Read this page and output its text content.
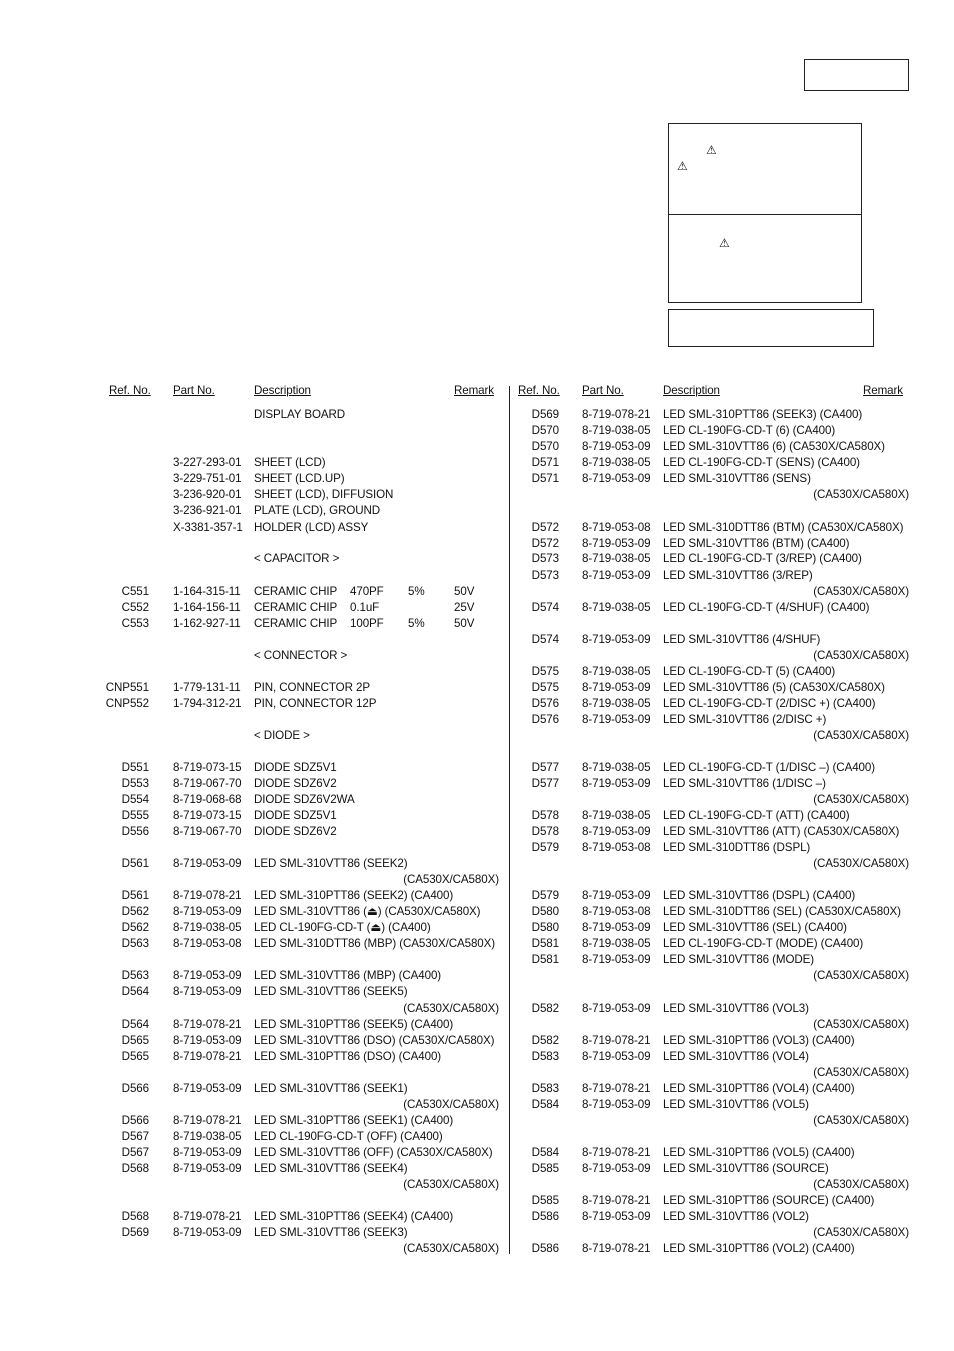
⚠
⚠
⚠
Ref. No. Part No.	Description	Remark Ref. No. Part No.	Description	Remark
DISPLAY BOARD
3-227-293-01 SHEET (LCD)
3-229-751-01 SHEET (LCD.UP)
3-236-920-01 SHEET (LCD), DIFFUSION
3-236-921-01 PLATE (LCD), GROUND
X-3381-357-1 HOLDER (LCD) ASSY
< CAPACITOR >
C551 1-164-315-11 CERAMIC CHIP 470PF 5%	50V
C552 1-164-156-11 CERAMIC CHIP 0.1uF	25V
C553 1-162-927-11 CERAMIC CHIP 100PF 5%	50V
< CONNECTOR >
CNP551 1-779-131-11 PIN, CONNECTOR 2P
CNP552 1-794-312-21 PIN, CONNECTOR 12P
< DIODE >
D551 8-719-073-15 DIODE SDZ5V1
D553 8-719-067-70 DIODE SDZ6V2
D554 8-719-068-68 DIODE SDZ6V2WA
D555 8-719-073-15 DIODE SDZ5V1
D556 8-719-067-70 DIODE SDZ6V2
D561 8-719-053-09 LED SML-310VTT86 (SEEK2)
(CA530X/CA580X)
D561 8-719-078-21 LED SML-310PTT86 (SEEK2) (CA400)
D562 8-719-053-09 LED SML-310VTT86 (⏏) (CA530X/CA580X)
D562 8-719-038-05 LED CL-190FG-CD-T (⏏) (CA400)
D563 8-719-053-08 LED SML-310DTT86 (MBP) (CA530X/CA580X)
D563 8-719-053-09 LED SML-310VTT86 (MBP) (CA400)
D564 8-719-053-09 LED SML-310VTT86 (SEEK5)
(CA530X/CA580X)
D564 8-719-078-21 LED SML-310PTT86 (SEEK5) (CA400)
D565 8-719-053-09 LED SML-310VTT86 (DSO) (CA530X/CA580X)
D565 8-719-078-21 LED SML-310PTT86 (DSO) (CA400)
D566 8-719-053-09 LED SML-310VTT86 (SEEK1)
(CA530X/CA580X)
D566 8-719-078-21 LED SML-310PTT86 (SEEK1) (CA400)
D567 8-719-038-05 LED CL-190FG-CD-T (OFF) (CA400)
D567 8-719-053-09 LED SML-310VTT86 (OFF) (CA530X/CA580X)
D568 8-719-053-09 LED SML-310VTT86 (SEEK4)
(CA530X/CA580X)
D568 8-719-078-21 LED SML-310PTT86 (SEEK4) (CA400)
D569 8-719-053-09 LED SML-310VTT86 (SEEK3)
(CA530X/CA580X)
D569 8-719-078-21 LED SML-310PTT86 (SEEK3) (CA400)
D570 8-719-038-05 LED CL-190FG-CD-T (6) (CA400)
D570 8-719-053-09 LED SML-310VTT86 (6) (CA530X/CA580X)
D571 8-719-038-05 LED CL-190FG-CD-T (SENS) (CA400)
D571 8-719-053-09 LED SML-310VTT86 (SENS)
(CA530X/CA580X)
D572 8-719-053-08 LED SML-310DTT86 (BTM) (CA530X/CA580X)
D572 8-719-053-09 LED SML-310VTT86 (BTM) (CA400)
D573 8-719-038-05 LED CL-190FG-CD-T (3/REP) (CA400)
D573 8-719-053-09 LED SML-310VTT86 (3/REP)
(CA530X/CA580X)
D574 8-719-038-05 LED CL-190FG-CD-T (4/SHUF) (CA400)
D574 8-719-053-09 LED SML-310VTT86 (4/SHUF)
(CA530X/CA580X)
D575 8-719-038-05 LED CL-190FG-CD-T (5) (CA400)
D575 8-719-053-09 LED SML-310VTT86 (5) (CA530X/CA580X)
D576 8-719-038-05 LED CL-190FG-CD-T (2/DISC +) (CA400)
D576 8-719-053-09 LED SML-310VTT86 (2/DISC +)
(CA530X/CA580X)
D577 8-719-038-05 LED CL-190FG-CD-T (1/DISC –) (CA400)
D577 8-719-053-09 LED SML-310VTT86 (1/DISC –)
(CA530X/CA580X)
D578 8-719-038-05 LED CL-190FG-CD-T (ATT) (CA400)
D578 8-719-053-09 LED SML-310VTT86 (ATT) (CA530X/CA580X)
D579 8-719-053-08 LED SML-310DTT86 (DSPL)
(CA530X/CA580X)
D579 8-719-053-09 LED SML-310VTT86 (DSPL) (CA400)
D580 8-719-053-08 LED SML-310DTT86 (SEL) (CA530X/CA580X)
D580 8-719-053-09 LED SML-310VTT86 (SEL) (CA400)
D581 8-719-038-05 LED CL-190FG-CD-T (MODE) (CA400)
D581 8-719-053-09 LED SML-310VTT86 (MODE)
(CA530X/CA580X)
D582 8-719-053-09 LED SML-310VTT86 (VOL3)
(CA530X/CA580X)
D582 8-719-078-21 LED SML-310PTT86 (VOL3) (CA400)
D583 8-719-053-09 LED SML-310VTT86 (VOL4)
(CA530X/CA580X)
D583 8-719-078-21 LED SML-310PTT86 (VOL4) (CA400)
D584 8-719-053-09 LED SML-310VTT86 (VOL5)
(CA530X/CA580X)
D584 8-719-078-21 LED SML-310PTT86 (VOL5) (CA400)
D585 8-719-053-09 LED SML-310VTT86 (SOURCE)
(CA530X/CA580X)
D585 8-719-078-21 LED SML-310PTT86 (SOURCE) (CA400)
D586 8-719-053-09 LED SML-310VTT86 (VOL2)
(CA530X/CA580X)
D586 8-719-078-21 LED SML-310PTT86 (VOL2) (CA400)
